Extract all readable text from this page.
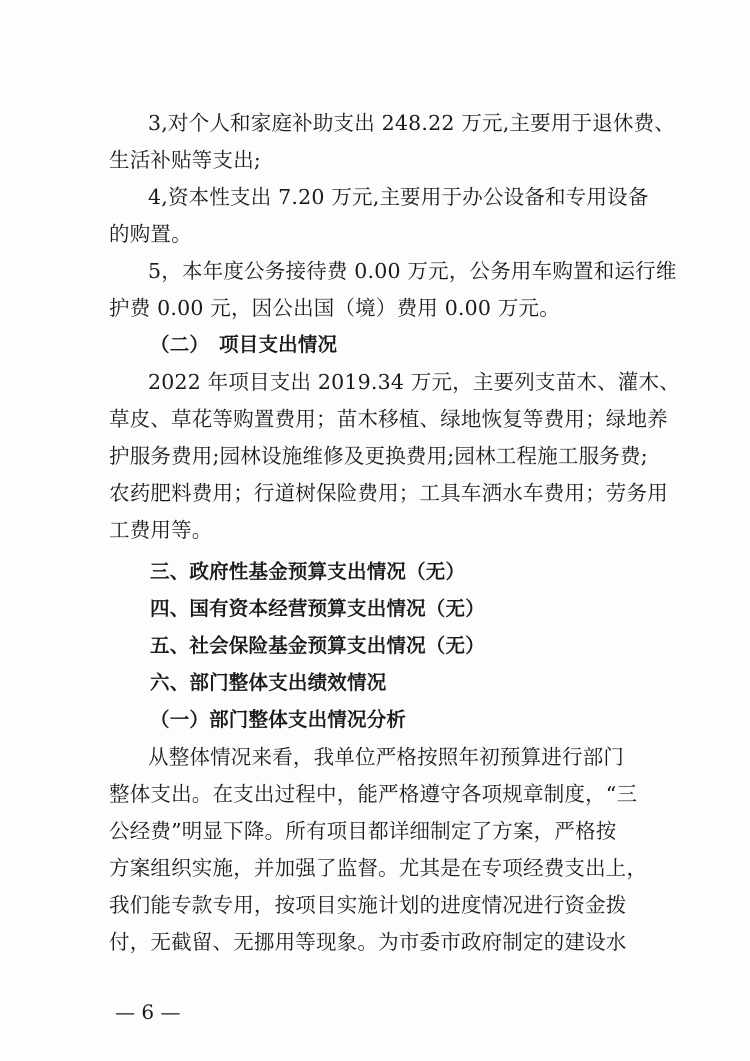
3,对个人和家庭补助支出 248.22 万元,主要用于退休费、
生活补贴等支出;
4,资本性支出 7.20 万元,主要用于办公设备和专用设备
的购置。
5，本年度公务接待费 0.00 万元，公务用车购置和运行维
护费 0.00 元，因公出国（境）费用 0.00 万元。
（二）　项目支出情况
2022 年项目支出 2019.34 万元，主要列支苗木、灌木、
草皮、草花等购置费用；苗木移植、绿地恢复等费用；绿地养
护服务费用;园林设施维修及更换费用;园林工程施工服务费;
农药肥料费用；行道树保险费用；工具车洒水车费用；劳务用
工费用等。
三、政府性基金预算支出情况（无）
四、国有资本经营预算支出情况（无）
五、社会保险基金预算支出情况（无）
六、部门整体支出绩效情况
（一）部门整体支出情况分析
从整体情况来看，我单位严格按照年初预算进行部门
整体支出。在支出过程中，能严格遵守各项规章制度，“三
公经费”明显下降。所有项目都详细制定了方案，严格按
方案组织实施，并加强了监督。尤其是在专项经费支出上，
我们能专款专用，按项目实施计划的进度情况进行资金拨
付，无截留、无挪用等现象。为市委市政府制定的建设水
— 6 —
